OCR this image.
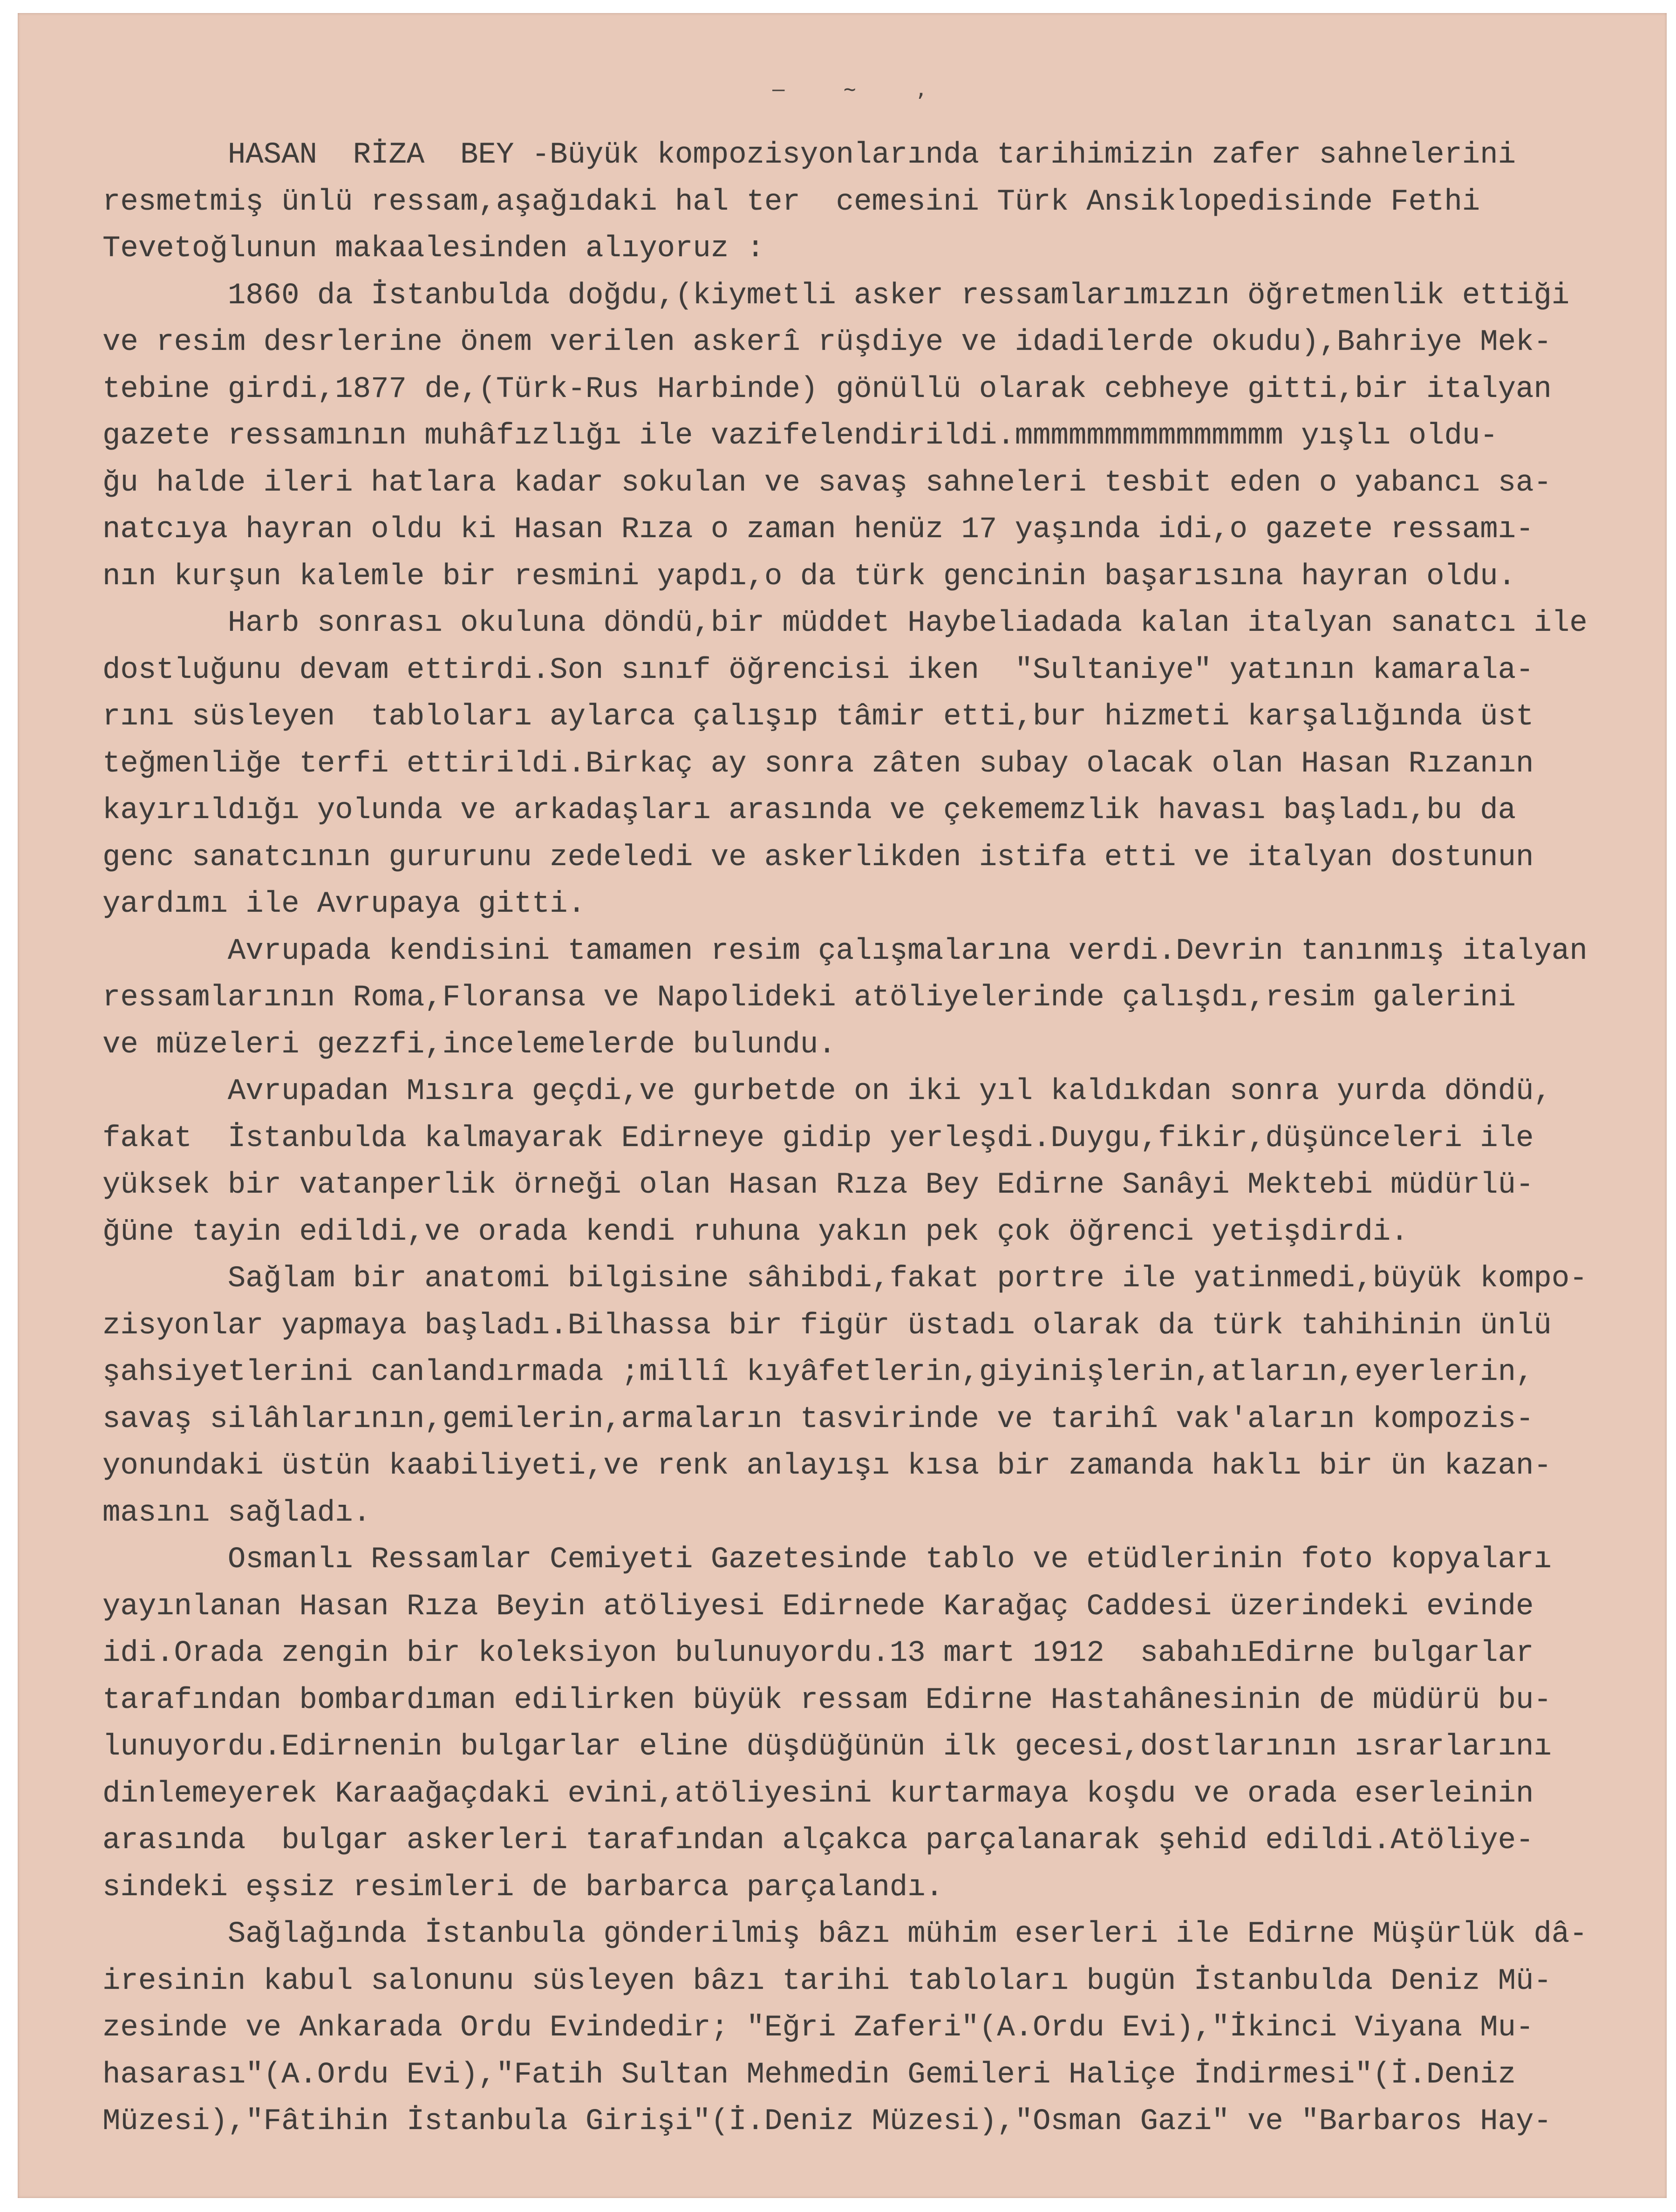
— ~ ,
HASAN  RİZA  BEY -Büyük kompozisyonlarında tarihimizin zafer sahnelerini
resmetmiş ünlü ressam,aşağıdaki hal ter  cemesini Türk Ansiklopedisinde Fethi
Tevetoğlunun makaalesinden alıyoruz :
1860 da İstanbulda doğdu,(kiymetli asker ressamlarımızın öğretmenlik ettiği
ve resim desrlerine önem verilen askerî rüşdiye ve idadilerde okudu),Bahriye Mek-
tebine girdi,1877 de,(Türk-Rus Harbinde) gönüllü olarak cebheye gitti,bir italyan
gazete ressamının muhâfızlığı ile vazifelendirildi.mmmmmmmmmmmmmmm yışlı oldu-
ğu halde ileri hatlara kadar sokulan ve savaş sahneleri tesbit eden o yabancı sa-
natcıya hayran oldu ki Hasan Rıza o zaman henüz 17 yaşında idi,o gazete ressamı-
nın kurşun kalemle bir resmini yapdı,o da türk gencinin başarısına hayran oldu.
Harb sonrası okuluna döndü,bir müddet Haybeliadada kalan italyan sanatcı ile
dostluğunu devam ettirdi.Son sınıf öğrencisi iken  "Sultaniye" yatının kamarala-
rını süsleyen  tabloları aylarca çalışıp tâmir etti,bur hizmeti karşalığında üst
teğmenliğe terfi ettirildi.Birkaç ay sonra zâten subay olacak olan Hasan Rızanın
kayırıldığı yolunda ve arkadaşları arasında ve çekememzlik havası başladı,bu da
genc sanatcının gururunu zedeledi ve askerlikden istifa etti ve italyan dostunun
yardımı ile Avrupaya gitti.
Avrupada kendisini tamamen resim çalışmalarına verdi.Devrin tanınmış italyan
ressamlarının Roma,Floransa ve Napolideki atöliyelerinde çalışdı,resim galerini
ve müzeleri gezzfi,incelemelerde bulundu.
Avrupadan Mısıra geçdi,ve gurbetde on iki yıl kaldıkdan sonra yurda döndü,
fakat  İstanbulda kalmayarak Edirneye gidip yerleşdi.Duygu,fikir,düşünceleri ile
yüksek bir vatanperlik örneği olan Hasan Rıza Bey Edirne Sanâyi Mektebi müdürlü-
ğüne tayin edildi,ve orada kendi ruhuna yakın pek çok öğrenci yetişdirdi.
Sağlam bir anatomi bilgisine sâhibdi,fakat portre ile yatinmedi,büyük kompo-
zisyonlar yapmaya başladı.Bilhassa bir figür üstadı olarak da türk tahihinin ünlü
şahsiyetlerini canlandırmada ;millî kıyâfetlerin,giyinişlerin,atların,eyerlerin,
savaş silâhlarının,gemilerin,armaların tasvirinde ve tarihî vak'aların kompozis-
yonundaki üstün kaabiliyeti,ve renk anlayışı kısa bir zamanda haklı bir ün kazan-
masını sağladı.
Osmanlı Ressamlar Cemiyeti Gazetesinde tablo ve etüdlerinin foto kopyaları
yayınlanan Hasan Rıza Beyin atöliyesi Edirnede Karağaç Caddesi üzerindeki evinde
idi.Orada zengin bir koleksiyon bulunuyordu.13 mart 1912  sabahıEdirne bulgarlar
tarafından bombardıman edilirken büyük ressam Edirne Hastahânesinin de müdürü bu-
lunuyordu.Edirnenin bulgarlar eline düşdüğünün ilk gecesi,dostlarının ısrarlarını
dinlemeyerek Karaağaçdaki evini,atöliyesini kurtarmaya koşdu ve orada eserleinin
arasında  bulgar askerleri tarafından alçakca parçalanarak şehid edildi.Atöliye-
sindeki eşsiz resimleri de barbarca parçalandı.
Sağlağında İstanbula gönderilmiş bâzı mühim eserleri ile Edirne Müşürlük dâ-
iresinin kabul salonunu süsleyen bâzı tarihi tabloları bugün İstanbulda Deniz Mü-
zesinde ve Ankarada Ordu Evindedir; "Eğri Zaferi"(A.Ordu Evi),"İkinci Viyana Mu-
hasarası"(A.Ordu Evi),"Fatih Sultan Mehmedin Gemileri Haliçe İndirmesi"(İ.Deniz
Müzesi),"Fâtihin İstanbula Girişi"(İ.Deniz Müzesi),"Osman Gazi" ve "Barbaros Hay-
